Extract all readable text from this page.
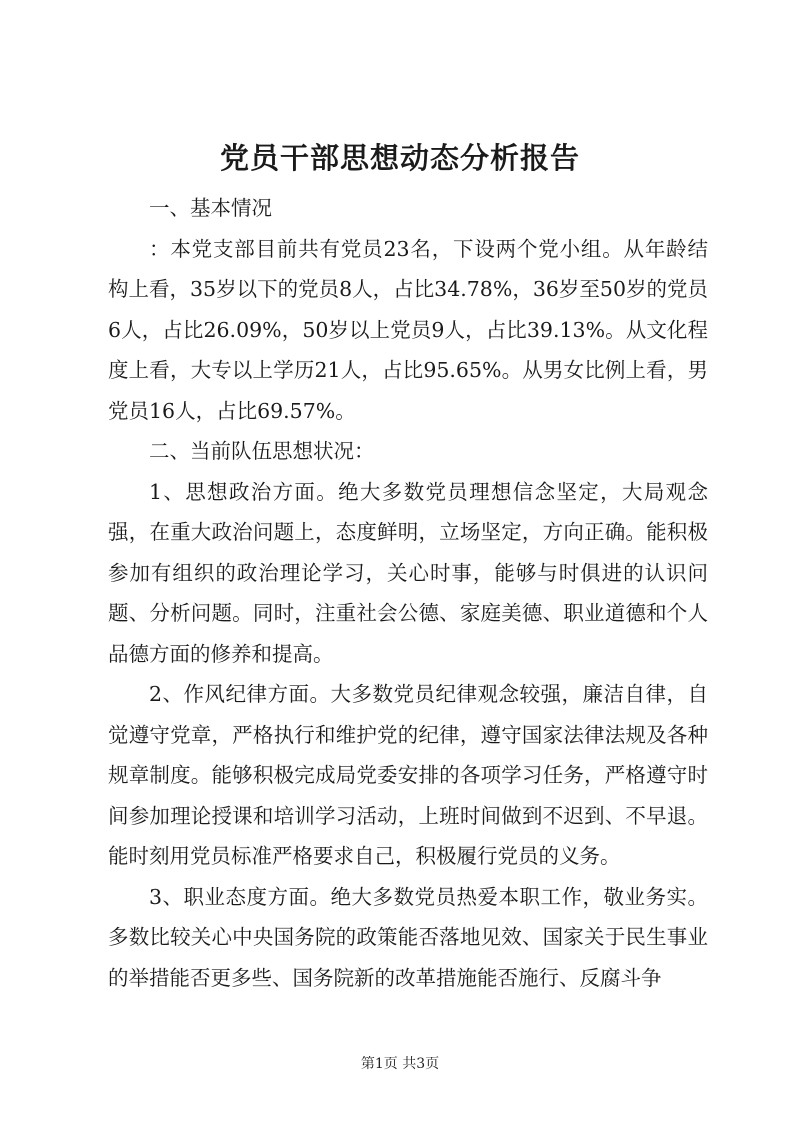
党员干部思想动态分析报告

一、基本情况

：本党支部目前共有党员23名，下设两个党小组。从年龄结构上看，35岁以下的党员8人，占比34.78%，36岁至50岁的党员6人，占比26.09%，50岁以上党员9人，占比39.13%。从文化程度上看，大专以上学历21人，占比95.65%。从男女比例上看，男党员16人，占比69.57%。

二、当前队伍思想状况：

1、思想政治方面。绝大多数党员理想信念坚定，大局观念强，在重大政治问题上，态度鲜明，立场坚定，方向正确。能积极参加有组织的政治理论学习，关心时事，能够与时俱进的认识问题、分析问题。同时，注重社会公德、家庭美德、职业道德和个人品德方面的修养和提高。

2、作风纪律方面。大多数党员纪律观念较强，廉洁自律，自觉遵守党章，严格执行和维护党的纪律，遵守国家法律法规及各种规章制度。能够积极完成局党委安排的各项学习任务，严格遵守时间参加理论授课和培训学习活动，上班时间做到不迟到、不早退。能时刻用党员标准严格要求自己，积极履行党员的义务。

3、职业态度方面。绝大多数党员热爱本职工作，敬业务实。多数比较关心中央国务院的政策能否落地见效、国家关于民生事业的举措能否更多些、国务院新的改革措施能否施行、反腐斗争

第1页 共3页
